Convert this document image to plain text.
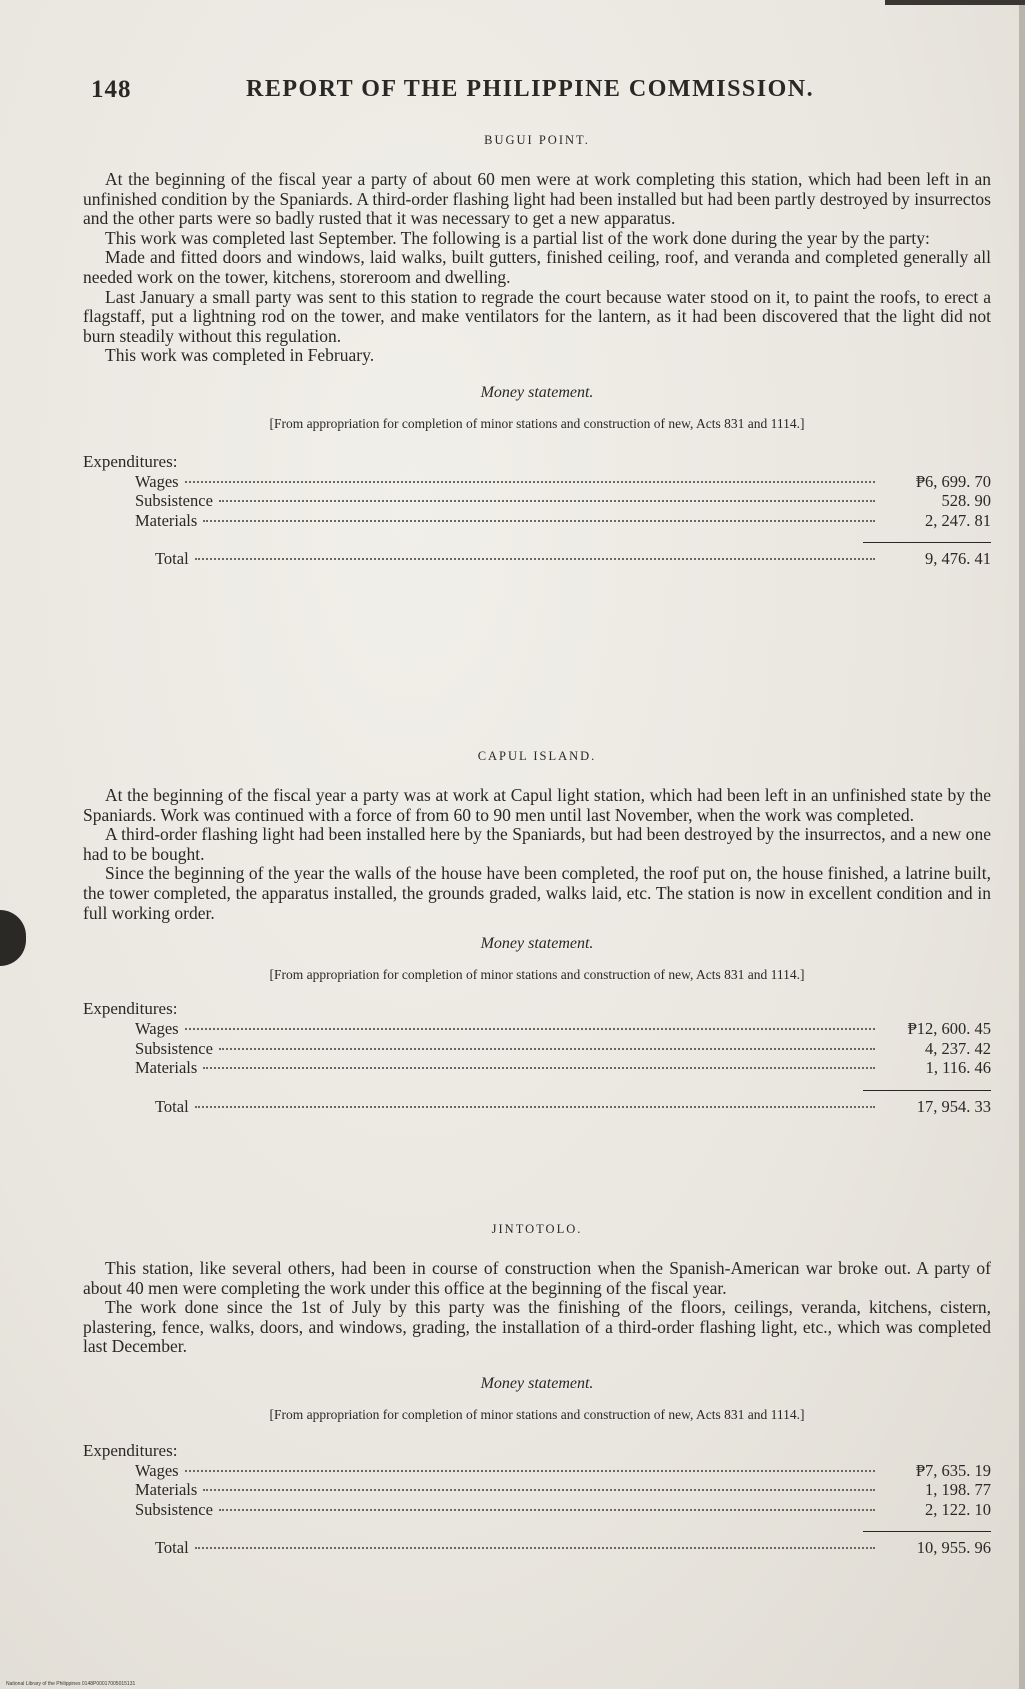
148	REPORT OF THE PHILIPPINE COMMISSION.

BUGUI POINT.

At the beginning of the fiscal year a party of about 60 men were at work completing this station, which had been left in an unfinished condition by the Spaniards. A third-order flashing light had been installed but had been partly destroyed by insurrectos and the other parts were so badly rusted that it was necessary to get a new apparatus.

This work was completed last September. The following is a partial list of the work done during the year by the party:

Made and fitted doors and windows, laid walks, built gutters, finished ceiling, roof, and veranda and completed generally all needed work on the tower, kitchens, storeroom and dwelling.

Last January a small party was sent to this station to regrade the court because water stood on it, to paint the roofs, to erect a flagstaff, put a lightning rod on the tower, and make ventilators for the lantern, as it had been discovered that the light did not burn steadily without this regulation.

This work was completed in February.

Money statement.

[From appropriation for completion of minor stations and construction of new, Acts 831 and 1114.]

Expenditures:

Wages	₱6, 699. 70
Subsistence	528. 90
Materials	2, 247. 81
Total	9, 476. 41

CAPUL ISLAND.

At the beginning of the fiscal year a party was at work at Capul light station, which had been left in an unfinished state by the Spaniards. Work was continued with a force of from 60 to 90 men until last November, when the work was completed.

A third-order flashing light had been installed here by the Spaniards, but had been destroyed by the insurrectos, and a new one had to be bought.

Since the beginning of the year the walls of the house have been completed, the roof put on, the house finished, a latrine built, the tower completed, the apparatus installed, the grounds graded, walks laid, etc. The station is now in excellent condition and in full working order.

Money statement.

[From appropriation for completion of minor stations and construction of new, Acts 831 and 1114.]

Expenditures:

Wages	₱12, 600. 45
Subsistence	4, 237. 42
Materials	1, 116. 46
Total	17, 954. 33

JINTOTOLO.

This station, like several others, had been in course of construction when the Spanish-American war broke out. A party of about 40 men were completing the work under this office at the beginning of the fiscal year.

The work done since the 1st of July by this party was the finishing of the floors, ceilings, veranda, kitchens, cistern, plastering, fence, walks, doors, and windows, grading, the installation of a third-order flashing light, etc., which was completed last December.

Money statement.

[From appropriation for completion of minor stations and construction of new, Acts 831 and 1114.]

Expenditures:

Wages	₱7, 635. 19
Materials	1, 198. 77
Subsistence	2, 122. 10
Total	10, 955. 96
National Library of the Philippines 0148P00017005015131
